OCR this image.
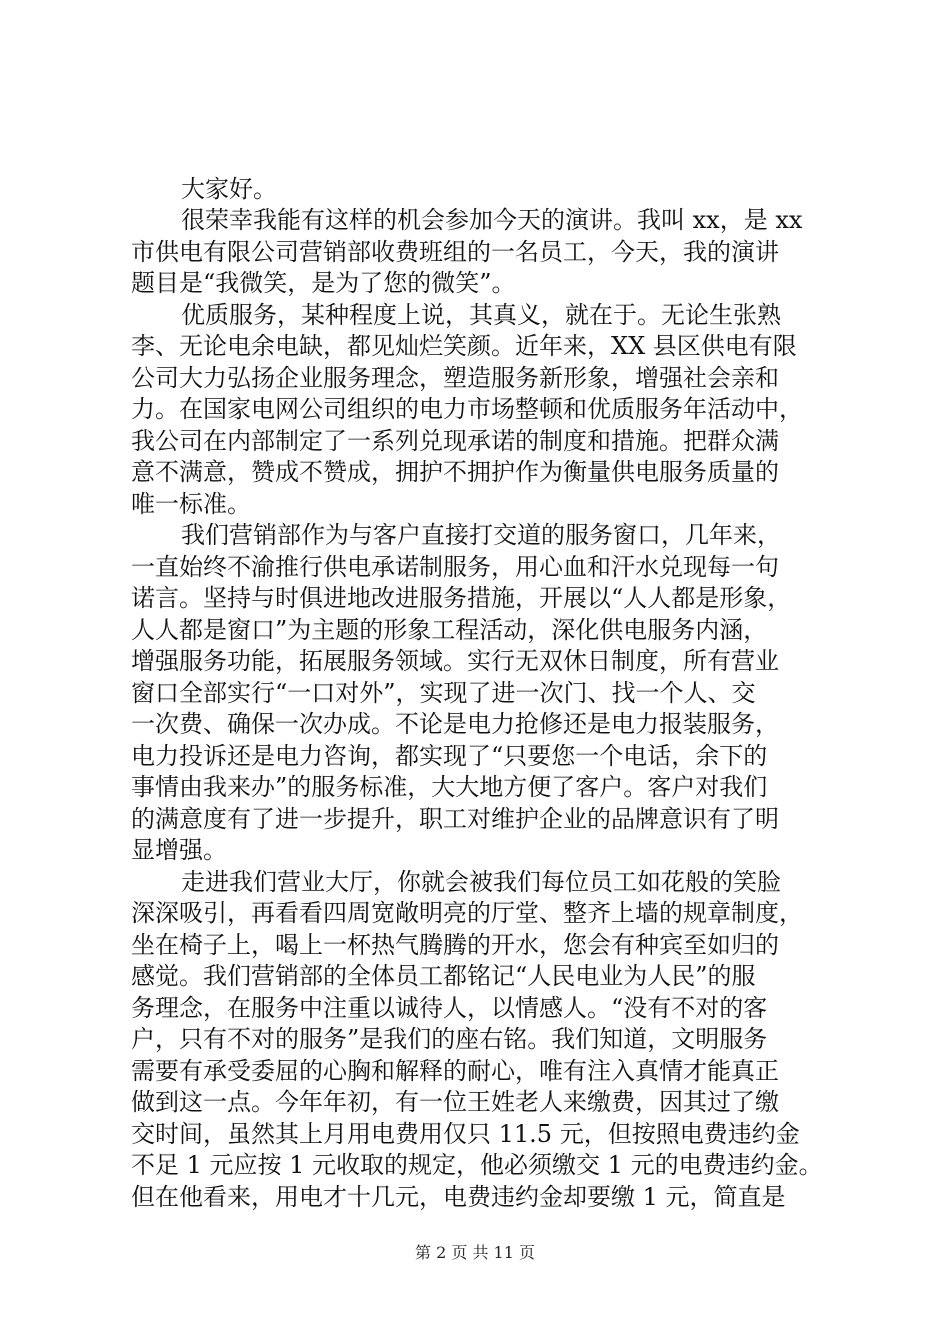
大家好。
很荣幸我能有这样的机会参加今天的演讲。我叫 xx，是 xx
市供电有限公司营销部收费班组的一名员工，今天，我的演讲
题目是“我微笑，是为了您的微笑”。
优质服务，某种程度上说，其真义，就在于。无论生张熟
李、无论电余电缺，都见灿烂笑颜。近年来，XX 县区供电有限
公司大力弘扬企业服务理念，塑造服务新形象，增强社会亲和
力。在国家电网公司组织的电力市场整顿和优质服务年活动中，
我公司在内部制定了一系列兑现承诺的制度和措施。把群众满
意不满意，赞成不赞成，拥护不拥护作为衡量供电服务质量的
唯一标准。
我们营销部作为与客户直接打交道的服务窗口，几年来，
一直始终不渝推行供电承诺制服务，用心血和汗水兑现每一句
诺言。坚持与时俱进地改进服务措施，开展以“人人都是形象，
人人都是窗口”为主题的形象工程活动，深化供电服务内涵，
增强服务功能，拓展服务领域。实行无双休日制度，所有营业
窗口全部实行“一口对外”，实现了进一次门、找一个人、交
一次费、确保一次办成。不论是电力抢修还是电力报装服务，
电力投诉还是电力咨询，都实现了“只要您一个电话，余下的
事情由我来办”的服务标准，大大地方便了客户。客户对我们
的满意度有了进一步提升，职工对维护企业的品牌意识有了明
显增强。
走进我们营业大厅，你就会被我们每位员工如花般的笑脸
深深吸引，再看看四周宽敞明亮的厅堂、整齐上墙的规章制度，
坐在椅子上，喝上一杯热气腾腾的开水，您会有种宾至如归的
感觉。我们营销部的全体员工都铭记“人民电业为人民”的服
务理念，在服务中注重以诚待人，以情感人。“没有不对的客
户，只有不对的服务”是我们的座右铭。我们知道，文明服务
需要有承受委屈的心胸和解释的耐心，唯有注入真情才能真正
做到这一点。今年年初，有一位王姓老人来缴费，因其过了缴
交时间，虽然其上月用电费用仅只 11.5 元，但按照电费违约金
不足 1 元应按 1 元收取的规定，他必须缴交 1 元的电费违约金。
但在他看来，用电才十几元，电费违约金却要缴 1 元，简直是
第 2 页 共 11 页
